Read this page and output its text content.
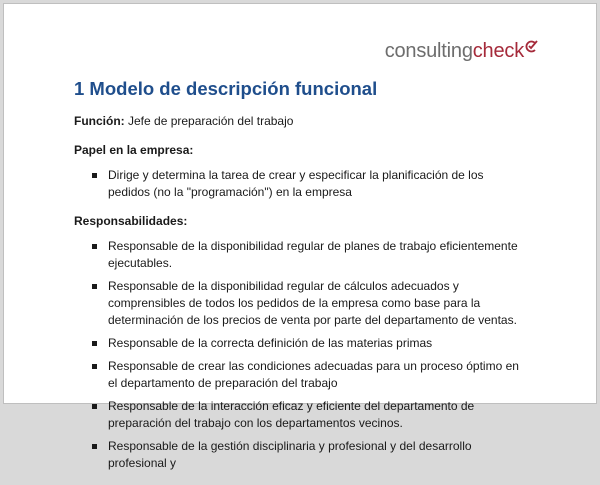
consultingcheck
1 Modelo de descripción funcional

Función: Jefe de preparación del trabajo

Papel en la empresa:

Dirige y determina la tarea de crear y especificar la planificación de los pedidos (no la "programación") en la empresa

Responsabilidades:

Responsable de la disponibilidad regular de planes de trabajo eficientemente ejecutables.
Responsable de la disponibilidad regular de cálculos adecuados y comprensibles de todos los pedidos de la empresa como base para la determinación de los precios de venta por parte del departamento de ventas.
Responsable de la correcta definición de las materias primas
Responsable de crear las condiciones adecuadas para un proceso óptimo en el departamento de preparación del trabajo
Responsable de la interacción eficaz y eficiente del departamento de preparación del trabajo con los departamentos vecinos.
Responsable de la gestión disciplinaria y profesional y del desarrollo profesional y
